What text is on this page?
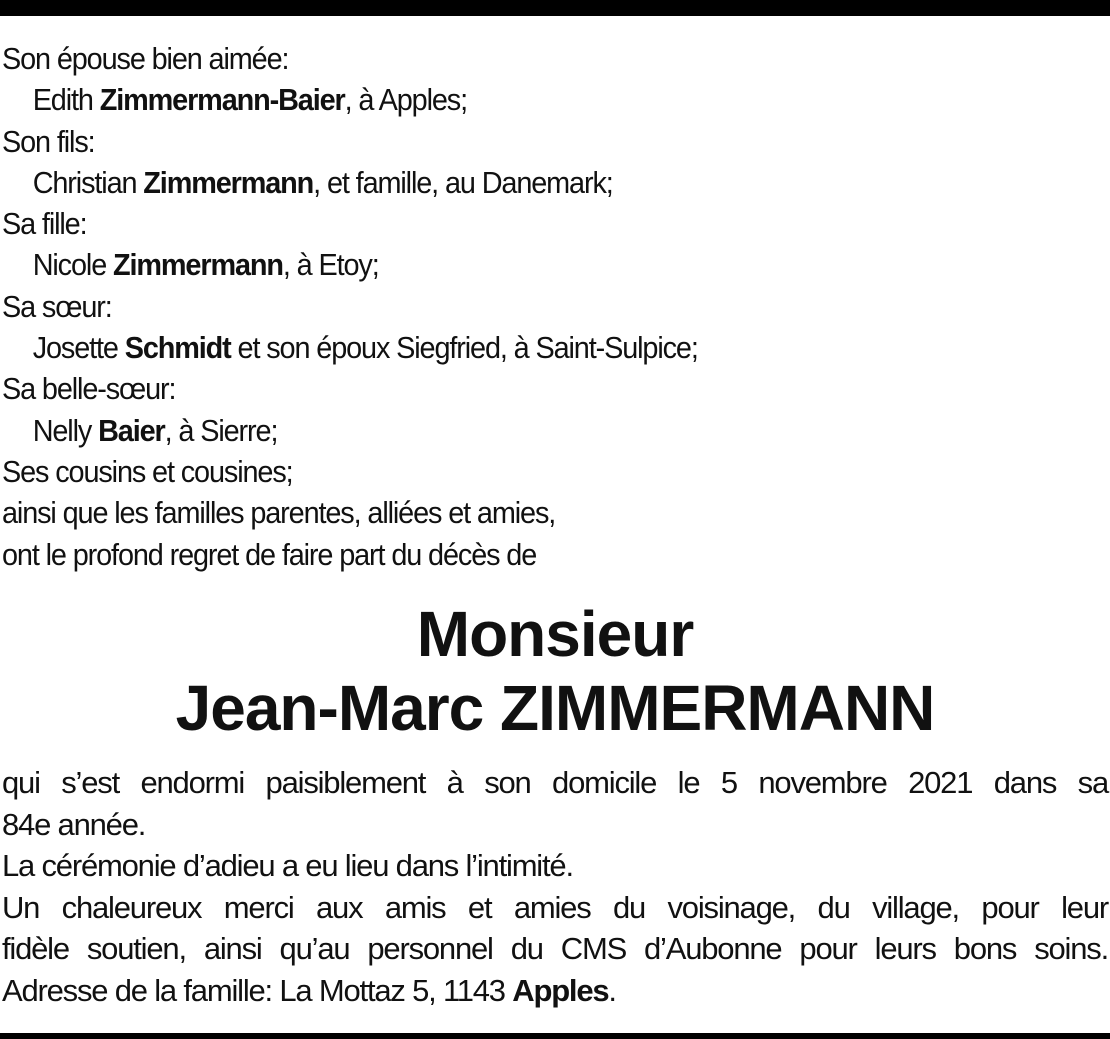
Son épouse bien aimée:
Edith Zimmermann-Baier, à Apples;
Son fils:
Christian Zimmermann, et famille, au Danemark;
Sa fille:
Nicole Zimmermann, à Etoy;
Sa sœur:
Josette Schmidt et son époux Siegfried, à Saint-Sulpice;
Sa belle-sœur:
Nelly Baier, à Sierre;
Ses cousins et cousines;
ainsi que les familles parentes, alliées et amies,
ont le profond regret de faire part du décès de
Monsieur
Jean-Marc ZIMMERMANN
qui s’est endormi paisiblement à son domicile le 5 novembre 2021 dans sa
84e année.
La cérémonie d’adieu a eu lieu dans l’intimité.
Un chaleureux merci aux amis et amies du voisinage, du village, pour leur
fidèle soutien, ainsi qu’au personnel du CMS d’Aubonne pour leurs bons soins.
Adresse de la famille: La Mottaz 5, 1143 Apples.
